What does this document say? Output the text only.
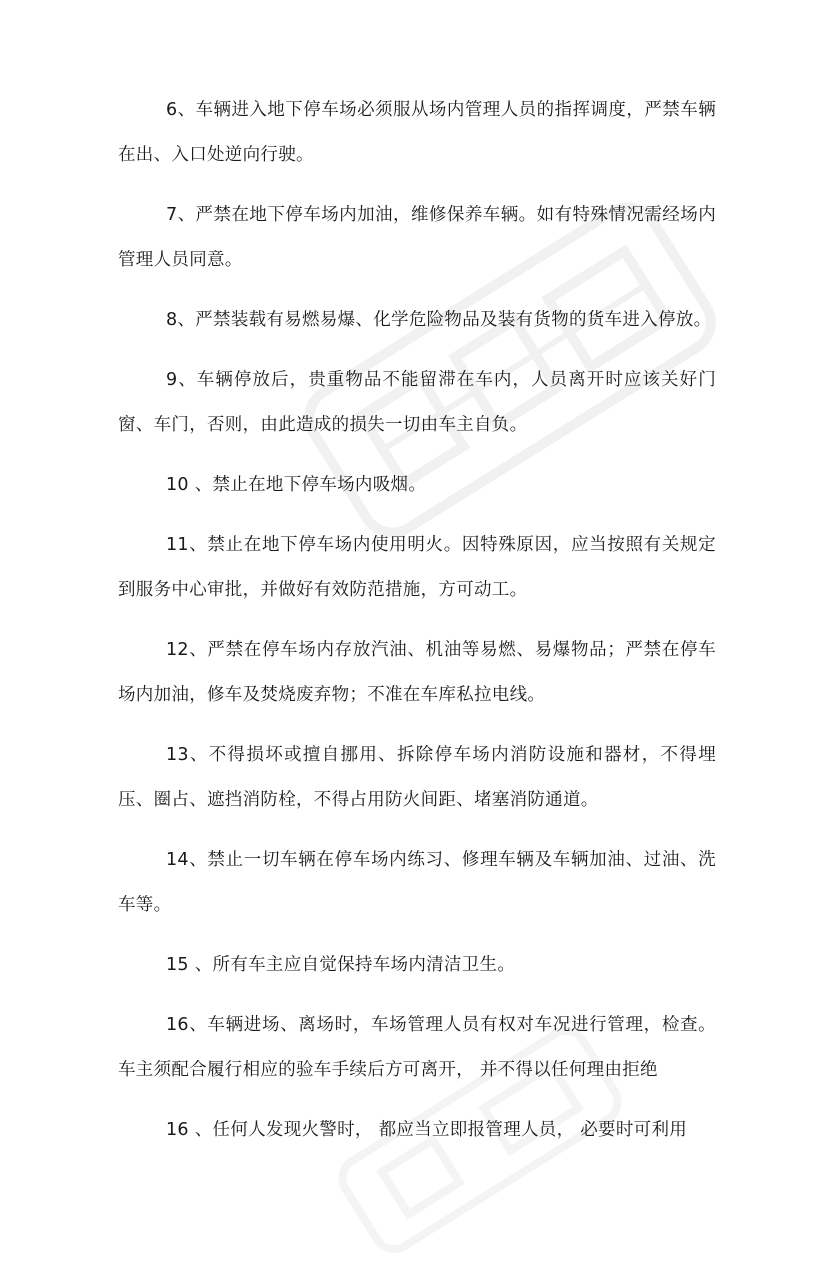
6、车辆进入地下停车场必须服从场内管理人员的指挥调度，严禁车辆在出、入口处逆向行驶。

7、严禁在地下停车场内加油，维修保养车辆。如有特殊情况需经场内管理人员同意。

8、严禁装载有易燃易爆、化学危险物品及装有货物的货车进入停放。

9、车辆停放后，贵重物品不能留滞在车内，人员离开时应该关好门窗、车门，否则，由此造成的损失一切由车主自负。

10 、禁止在地下停车场内吸烟。

11、禁止在地下停车场内使用明火。因特殊原因，应当按照有关规定到服务中心审批，并做好有效防范措施，方可动工。

12、严禁在停车场内存放汽油、机油等易燃、易爆物品；严禁在停车场内加油，修车及焚烧废弃物；不准在车库私拉电线。

13、不得损坏或擅自挪用、拆除停车场内消防设施和器材，不得埋压、圈占、遮挡消防栓，不得占用防火间距、堵塞消防通道。

14、禁止一切车辆在停车场内练习、修理车辆及车辆加油、过油、洗车等。

15 、所有车主应自觉保持车场内清洁卫生。

16、车辆进场、离场时，车场管理人员有权对车况进行管理，检查。车主须配合履行相应的验车手续后方可离开， 并不得以任何理由拒绝

16 、任何人发现火警时， 都应当立即报管理人员， 必要时可利用
